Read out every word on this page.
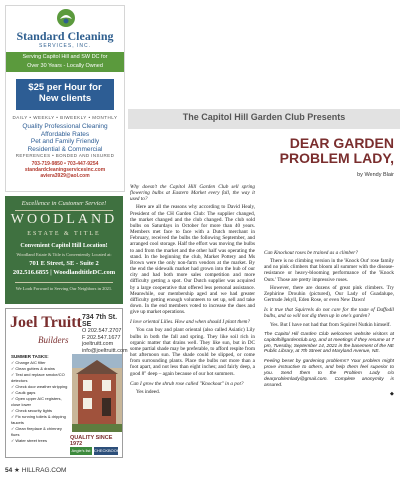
Standard Cleaning
SERVICES, INC.
Serving Capitol Hill and SW DC for
Over 30 Years - Locally Owned
$25 per Hour for
New clients
DAILY • WEEKLY • BIWEEKLY • MONTHLY
Quality Professional Cleaning
Affordable Rates
Pet and Family Friendly
Residential & Commercial
REFERENCES • BONDED AND INSURED
703-719-9850 • 703-447-9254
standardcleaningservicesinc.com
aviera3929@aol.com
Excellence in Customer Service!
WOODLAND
ESTATE & TITLE
Convenient Capitol Hill Location!
Woodland Estate & Title is Conveniently Located at:
701 E Street, SE - Suite 2
202.516.6855 | WoodlandtitleDC.com
We Look Forward to Serving Our Neighbors in 2021.
Joel Truitt
Builders
734 7th St. SE
O 202.547.2707
F 202.547.1677
joeltruitt.com
info@joeltruitt.com
SUMMER TASKS:
✓ Change A/C filter
✓ Clean gutters & drains
✓ Test and replace smoke/CO detectors
✓ Check door weather stripping
✓ Caulk gaps
✓ Open upper A/C registers, close lower
✓ Check security lights
✓ Fix running toilets & dripping faucets
✓ Clean fireplace & chimney flues
✓ Water street trees	QUALITY SINCE 1972
Angie's list CHECKBOOK
54 ★ HILLRAG.COM
The Capitol Hill Garden Club Presents
DEAR GARDEN
PROBLEM LADY,
by Wendy Blair

Why doesn't the Capitol Hill Garden Club sell spring flowering bulbs at Eastern Market every fall, the way it used to?

Here are all the reasons why according to David Healy, President of the CH Garden Club: The supplier changed, the market changed and the club changed. The club sold bulbs on Saturdays in October for more than 40 years. Members met face to face with a Dutch merchant in February, received the bulbs the following September, and arranged cool storage. Half the effort was moving the bulbs to and from the market and the other half was operating the stand. In the beginning the club, Market Pottery and Ms Brown were the only non-farm vendors at the market. By the end the sidewalk market had grown into the hub of our city and had both more sales competition and more difficulty getting a spot. Our Dutch supplier was acquired by a large cooperative that offered less personal assistance. Meanwhile, our membership aged and we had greater difficulty getting enough volunteers to set up, sell and take down. In the end members voted to increase the dues and give up market operations.

I love oriental Lilies. How and when should I plant them?

You can buy and plant oriental (also called Asiatic) Lily bulbs in both the fall and spring. They like soil rich in organic matter that drains well. They like sun, but in DC some partial shade may be preferable, to afford respite from hot afternoon sun. The shade could be slipped, or come from surrounding plants. Place the bulbs not more than a foot apart, and not less than eight inches; and fairly deep, a good 8" deep – again because of our hot summers.

Can I grow the shrub rose called "Knockout" in a pot?

Yes indeed.

Can Knockout roses be trained as a climber?

There is no climbing version in the 'Knock Out' rose family and no pink climbers that bloom all summer with the disease-resistance or heavy-blooming performance of the 'Knock Outs.' Those are pretty impressive roses.

However, there are dozens of great pink climbers. Try Zephirine Drouhin (pictured), Our Lady of Guadalupe, Gertrude Jekyll, Eden Rose, or even New Dawn!

Is it true that Squirrels do not care for the taste of Daffodil bulbs, and so will not dig them up in one's garden?

Yes. But I have not had that from Squirrel Nutkin himself.

The Capitol Hill Garden Club welcomes website visitors at capitolhillgardenclub.org, and at meetings if they resume at 7 pm, Tuesday, September 14, 2021 in the basement of the NE Public Library, at 7th Street and Maryland Avenue, NE.

Feeling beset by gardening problems? Your problem might prove instructive to others, and help them feel superior to you. Send them to the Problem Lady c/o dearproblemlady@gmail.com. Complete anonymity is assured.

◆
